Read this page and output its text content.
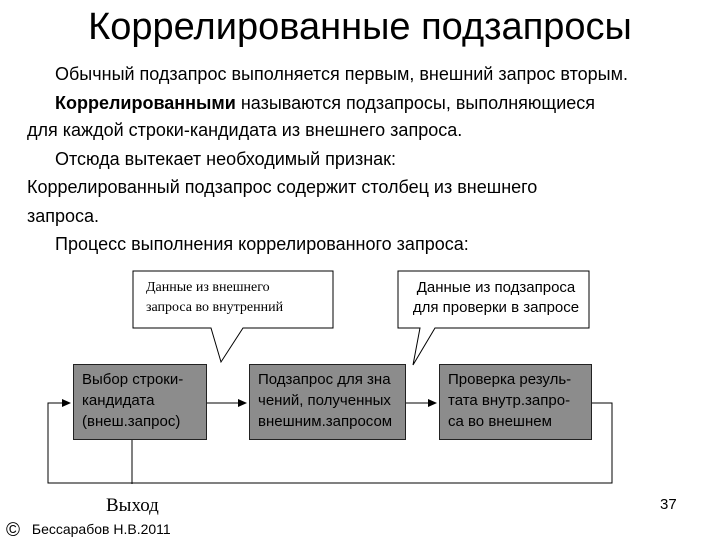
Коррелированные подзапросы
Обычный подзапрос выполняется первым, внешний запрос вторым.
Коррелированными называются подзапросы, выполняющиеся
для каждой строки-кандидата из внешнего запроса.
Отсюда вытекает необходимый признак:
Коррелированный подзапрос содержит столбец из внешнего
запроса.
Процесс выполнения коррелированного запроса:
Данные из внешнего
запроса во внутренний
Данные из подзапроса
для проверки в запросе
Выбор строки-
кандидата
(внеш.запрос)
Подзапрос для зна
чений, полученных
внешним.запросом
Проверка резуль-
тата внутр.запро-
са во внешнем
Выход	37
© Бессарабов Н.В.2011
